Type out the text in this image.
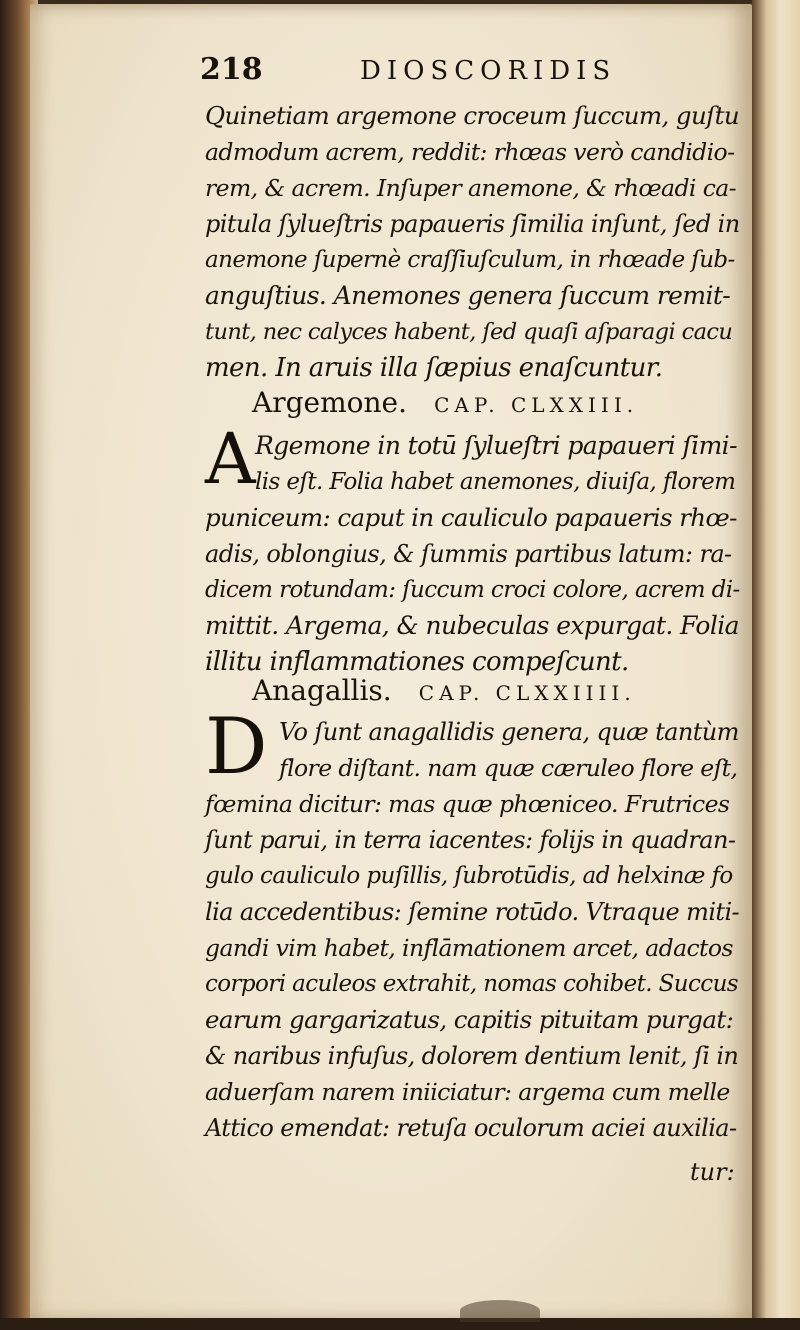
218	DIOSCORIDIS
Quinetiam argemone croceum ſuccum, guſtu
admodum acrem, reddit: rhœas verò candidio-
rem, & acrem. Inſuper anemone, & rhœadi ca-
pitula ſylueſtris papaueris ſimilia inſunt, ſed in
anemone ſupernè craſſiuſculum, in rhœade ſub-
anguſtius. Anemones genera ſuccum remit-
tunt, nec calyces habent, ſed quaſi aſparagi cacu
men. In aruis illa ſæpius enaſcuntur.
Argemone. CAP. CLXXIII.
A Rgemone in totū ſylueſtri papaueri ſimi-
lis eſt. Folia habet anemones, diuiſa, florem
puniceum: caput in cauliculo papaueris rhœ-
adis, oblongius, & ſummis partibus latum: ra-
dicem rotundam: ſuccum croci colore, acrem di-
mittit. Argema, & nubeculas expurgat. Folia
illitu inflammationes compeſcunt.
Anagallis. CAP. CLXXIIII.
D Vo ſunt anagallidis genera, quæ tantùm
flore diſtant. nam quæ cæruleo flore eſt,
fœmina dicitur: mas quæ phœniceo. Frutrices
ſunt parui, in terra iacentes: folijs in quadran-
gulo cauliculo puſillis, ſubrotūdis, ad helxinæ fo
lia accedentibus: ſemine rotūdo. Vtraque miti-
gandi vim habet, inflāmationem arcet, adactos
corpori aculeos extrahit, nomas cohibet. Succus
earum gargarizatus, capitis pituitam purgat:
& naribus infuſus, dolorem dentium lenit, ſi in
aduerſam narem iniiciatur: argema cum melle
Attico emendat: retuſa oculorum aciei auxilia-
tur:
